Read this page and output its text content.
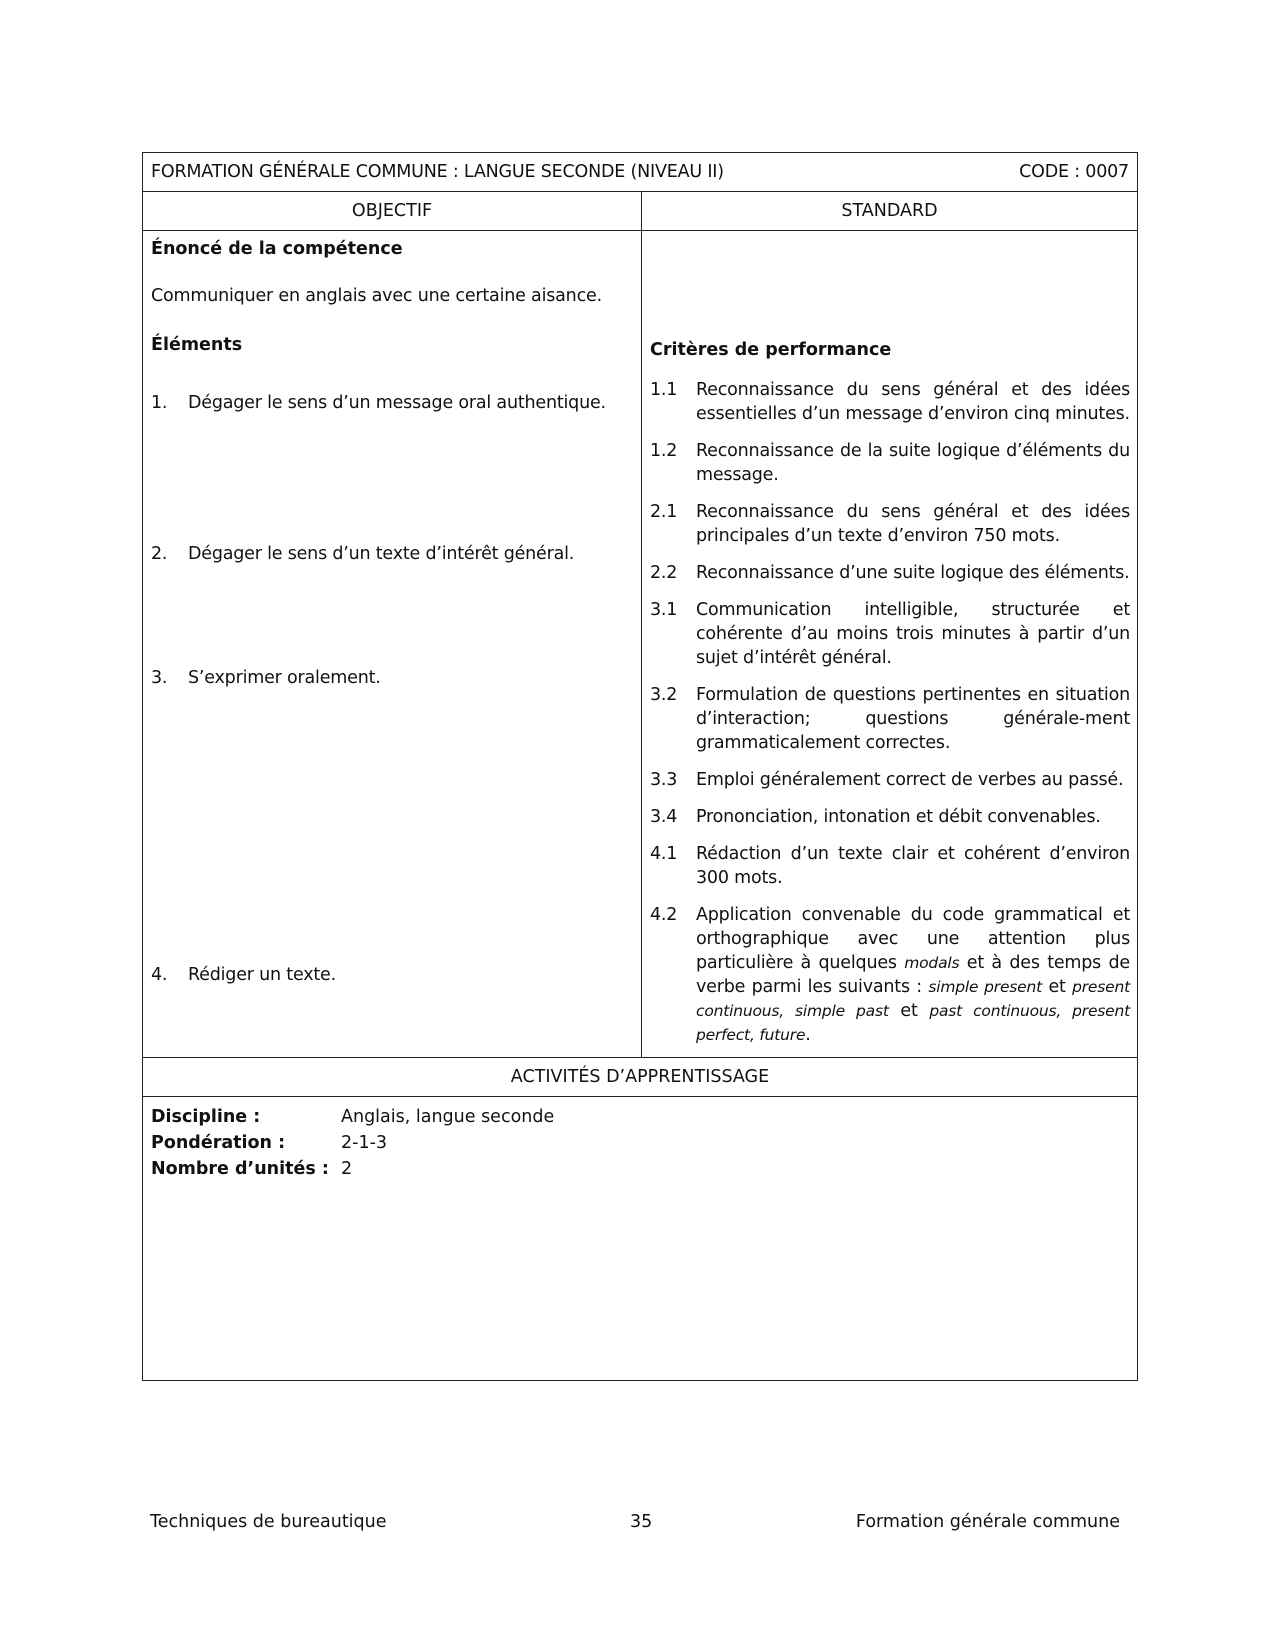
FORMATION GÉNÉRALE COMMUNE : LANGUE SECONDE (NIVEAU II)	CODE : 0007
OBJECTIF	STANDARD
Énoncé de la compétence
Communiquer en anglais avec une certaine aisance.
Éléments
1.	Dégager le sens d’un message oral authentique.
2.	Dégager le sens d’un texte d’intérêt général.
3.	S’exprimer oralement.
4.	Rédiger un texte.
Critères de performance
1.1	Reconnaissance du sens général et des idées essentielles d’un message d’environ cinq minutes.
1.2	Reconnaissance de la suite logique d’éléments du message.
2.1	Reconnaissance du sens général et des idées principales d’un texte d’environ 750 mots.
2.2	Reconnaissance d’une suite logique des éléments.
3.1	Communication intelligible, structurée et cohérente d’au moins trois minutes à partir d’un sujet d’intérêt général.
3.2	Formulation de questions pertinentes en situation d’interaction; questions générale-ment grammaticalement correctes.
3.3	Emploi généralement correct de verbes au passé.
3.4	Prononciation, intonation et débit convenables.
4.1	Rédaction d’un texte clair et cohérent d’environ 300 mots.
4.2	Application convenable du code grammatical et orthographique avec une attention plus particulière à quelques modals et à des temps de verbe parmi les suivants : simple present et present continuous, simple past et past continuous, present perfect, future.
ACTIVITÉS D’APPRENTISSAGE
Discipline :	Anglais, langue seconde
Pondération :	2-1-3
Nombre d’unités : 2
Techniques de bureautique	35	Formation générale commune
